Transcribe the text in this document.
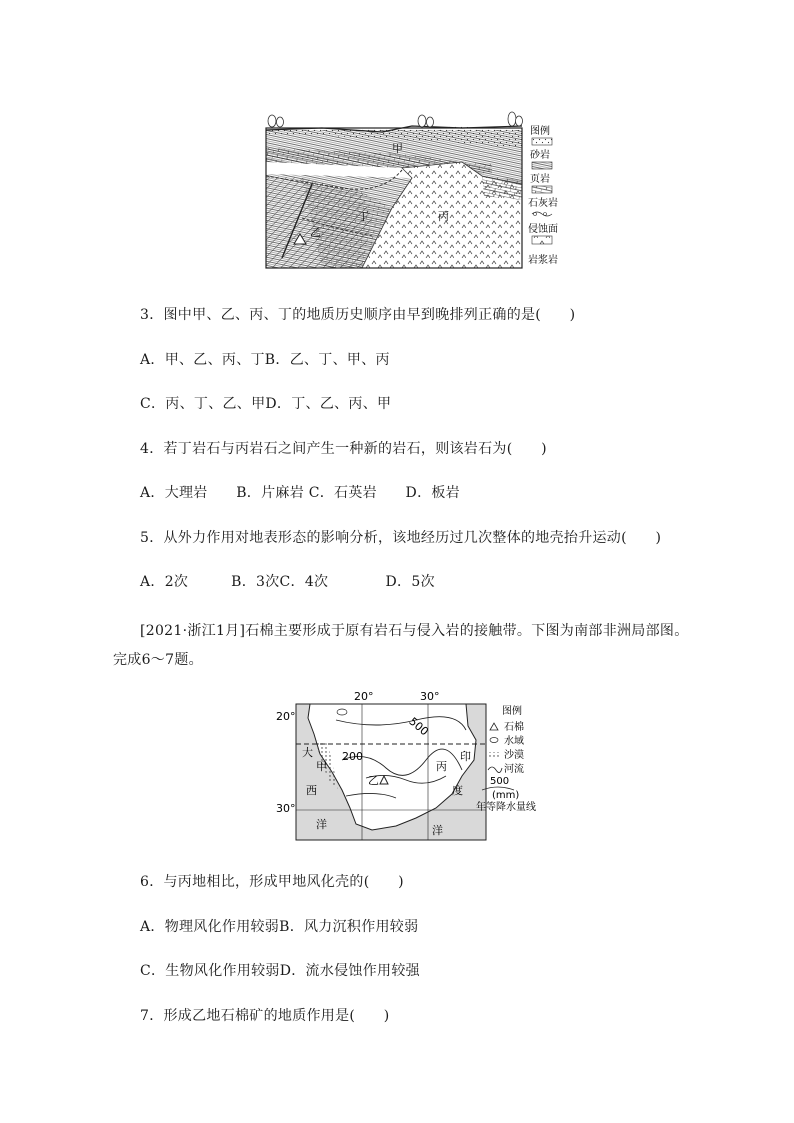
甲
乙
丙
丁
图例
砂岩
页岩
石灰岩
侵蚀面
岩浆岩
3．图中甲、乙、丙、丁的地质历史顺序由早到晚排列正确的是(　　)
A．甲、乙、丙、丁B．乙、丁、甲、丙
C．丙、丁、乙、甲D．丁、乙、丙、甲
4．若丁岩石与丙岩石之间产生一种新的岩石，则该岩石为(　　)
A．大理岩　　B．片麻岩 C．石英岩　　D．板岩
5．从外力作用对地表形态的影响分析，该地经历过几次整体的地壳抬升运动(　　)
A．2次　　　B．3次C．4次　　　　D．5次
[2021·浙江1月]石棉主要形成于原有岩石与侵入岩的接触带。下图为南部非洲局部图。
完成6～7题。
20°	30°
20°
30°
大
西
洋
印
度
洋
甲
乙
丙
500
200
图例
石棉
水域
沙漠
河流
500
(mm)
年等降水量线
6．与丙地相比，形成甲地风化壳的(　　)
A．物理风化作用较弱B．风力沉积作用较弱
C．生物风化作用较弱D．流水侵蚀作用较强
7．形成乙地石棉矿的地质作用是(　　)
